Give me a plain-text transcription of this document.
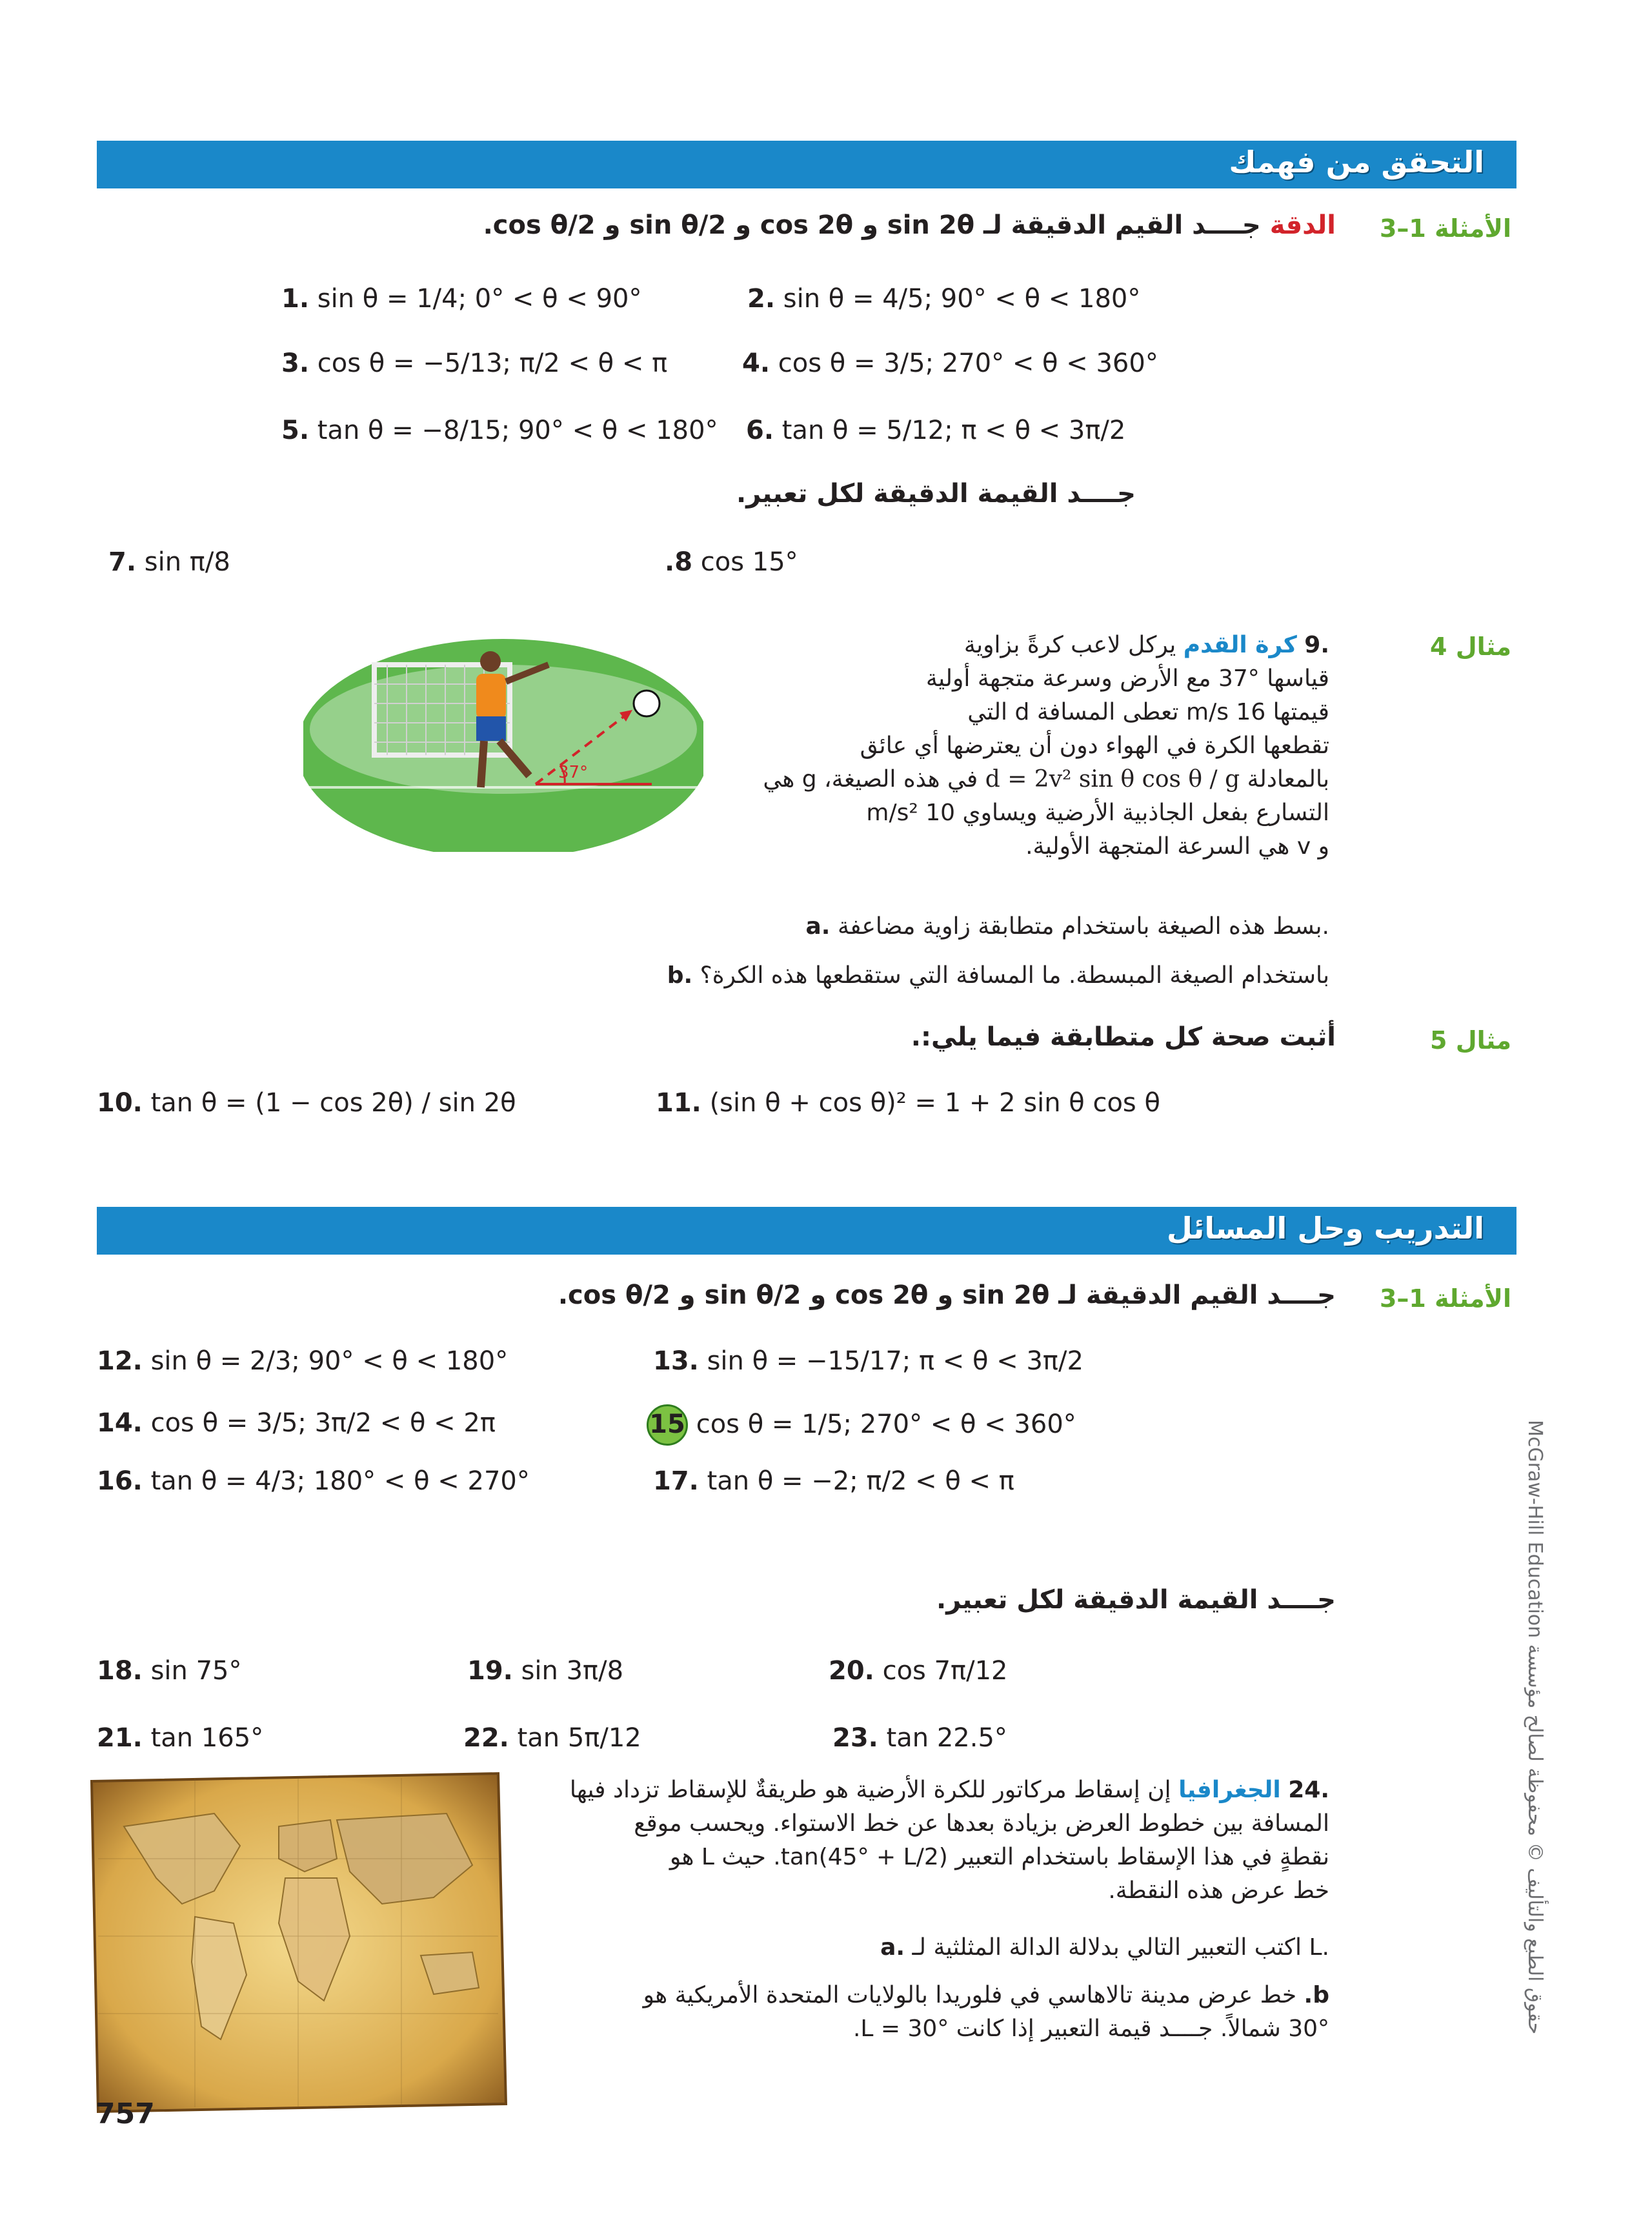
التحقق من فهمك
الأمثلة 1–3
الدقة جــــد القيم الدقيقة لـ sin 2θ و cos 2θ و sin θ/2 و cos θ/2.
1. sin θ = 1/4; 0° < θ < 90°	2. sin θ = 4/5; 90° < θ < 180°
3. cos θ = −5/13; π/2 < θ < π	4. cos θ = 3/5; 270° < θ < 360°
5. tan θ = −8/15; 90° < θ < 180° 6. tan θ = 5/12; π < θ < 3π/2
جــــد القيمة الدقيقة لكل تعبير.
7. sin π/8	.8 cos 15°
مثال 4
.9 كرة القدم يركل لاعب كرةً بزاوية
قياسها °37 مع الأرض وسرعة متجهة أولية
قيمتها 16 m/s تعطى المسافة d التي
تقطعها الكرة في الهواء دون أن يعترضها أي عائق
بالمعادلة d = 2v² sin θ cos θ / g في هذه الصيغة، g هي
التسارع بفعل الجاذبية الأرضية ويساوي 10 m/s²
و v هي السرعة المتجهة الأولية.
a. بسط هذه الصيغة باستخدام متطابقة زاوية مضاعفة.
b. باستخدام الصيغة المبسطة. ما المسافة التي ستقطعها هذه الكرة؟
37°
مثال 5
أثبت صحة كل متطابقة فيما يلي:.
10. tan θ = (1 − cos 2θ) / sin 2θ	11. (sin θ + cos θ)² = 1 + 2 sin θ cos θ
التدريب وحل المسائل
الأمثلة 1–3
جــــد القيم الدقيقة لـ sin 2θ و cos 2θ و sin θ/2 و cos θ/2.
12. sin θ = 2/3; 90° < θ < 180°	13. sin θ = −15/17; π < θ < 3π/2
14. cos θ = 3/5; 3π/2 < θ < 2π	15 cos θ = 1/5; 270° < θ < 360°
16. tan θ = 4/3; 180° < θ < 270°	17. tan θ = −2; π/2 < θ < π
جــــد القيمة الدقيقة لكل تعبير.
18. sin 75°	19. sin 3π/8	20. cos 7π/12
21. tan 165°	22. tan 5π/12	23. tan 22.5°
.24 الجغرافيا إن إسقاط مركاتور للكرة الأرضية هو طريقةٌ للإسقاط تزداد فيها
المسافة بين خطوط العرض بزيادة بعدها عن خط الاستواء. ويحسب موقع
نقطةٍ في هذا الإسقاط باستخدام التعبير tan(45° + L/2). حيث L هو
خط عرض هذه النقطة.
a. اكتب التعبير التالي بدلالة الدالة المثلثية لـ L.
b. خط عرض مدينة تالاهاسي في فلوريدا بالولايات المتحدة الأمريكية هو
30° شمالاً. جــــد قيمة التعبير إذا كانت L = 30°.
757
حقوق الطبع والتأليف © محفوظة لصالح مؤسسة McGraw-Hill Education
